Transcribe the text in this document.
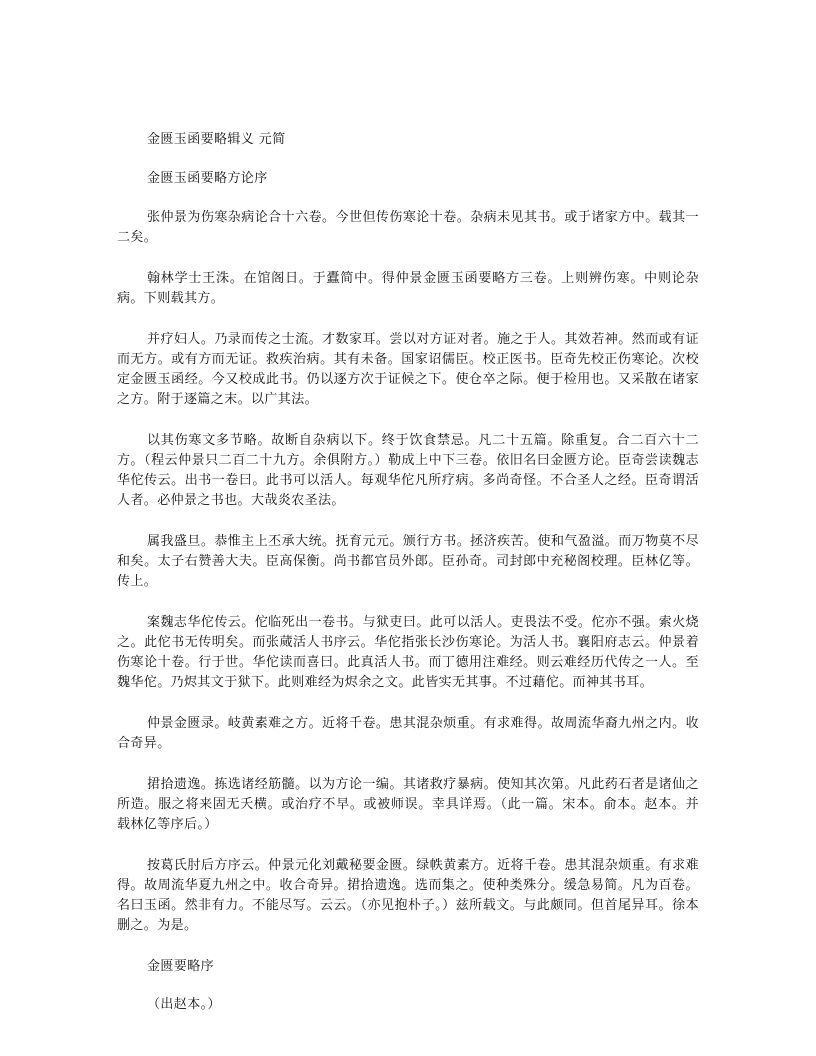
金匮玉函要略辑义 元简

金匮玉函要略方论序

张仲景为伤寒杂病论合十六卷。今世但传伤寒论十卷。杂病未见其书。或于诸家方中。载其一二矣。

翰林学士王洙。在馆阁日。于蠹简中。得仲景金匮玉函要略方三卷。上则辨伤寒。中则论杂病。下则载其方。

并疗妇人。乃录而传之士流。才数家耳。尝以对方证对者。施之于人。其效若神。然而或有证而无方。或有方而无证。救疾治病。其有未备。国家诏儒臣。校正医书。臣奇先校正伤寒论。次校定金匮玉函经。今又校成此书。仍以逐方次于证候之下。使仓卒之际。便于检用也。又采散在诸家之方。附于逐篇之末。以广其法。

以其伤寒文多节略。故断自杂病以下。终于饮食禁忌。凡二十五篇。除重复。合二百六十二方。（程云仲景只二百二十九方。余俱附方。）勒成上中下三卷。依旧名曰金匮方论。臣奇尝读魏志华佗传云。出书一卷曰。此书可以活人。每观华佗凡所疗病。多尚奇怪。不合圣人之经。臣奇谓活人者。必仲景之书也。大哉炎农圣法。

属我盛旦。恭惟主上丕承大统。抚育元元。颁行方书。拯济疾苦。使和气盈溢。而万物莫不尽和矣。太子右赞善大夫。臣高保衡。尚书都官员外郎。臣孙奇。司封郎中充秘阁校理。臣林亿等。传上。

案魏志华佗传云。佗临死出一卷书。与狱吏曰。此可以活人。吏畏法不受。佗亦不强。索火烧之。此佗书无传明矣。而张蒇活人书序云。华佗指张长沙伤寒论。为活人书。襄阳府志云。仲景着伤寒论十卷。行于世。华佗读而喜曰。此真活人书。而丁德用注难经。则云难经历代传之一人。至魏华佗。乃烬其文于狱下。此则难经为烬余之文。此皆实无其事。不过藉佗。而神其书耳。

仲景金匮录。岐黄素难之方。近将千卷。患其混杂烦重。有求难得。故周流华裔九州之内。收合奇异。

捃拾遗逸。拣选诸经筋髓。以为方论一编。其诸救疗暴病。使知其次第。凡此药石者是诸仙之所造。服之将来固无夭横。或治疗不早。或被师误。幸具详焉。（此一篇。宋本。俞本。赵本。并载林亿等序后。）

按葛氏肘后方序云。仲景元化刘戴秘要金匮。绿帙黄素方。近将千卷。患其混杂烦重。有求难得。故周流华夏九州之中。收合奇异。捃拾遗逸。选而集之。使种类殊分。缓急易简。凡为百卷。名曰玉函。然非有力。不能尽写。云云。（亦见抱朴子。）兹所载文。与此颇同。但首尾异耳。徐本删之。为是。

金匮要略序

（出赵本。）
